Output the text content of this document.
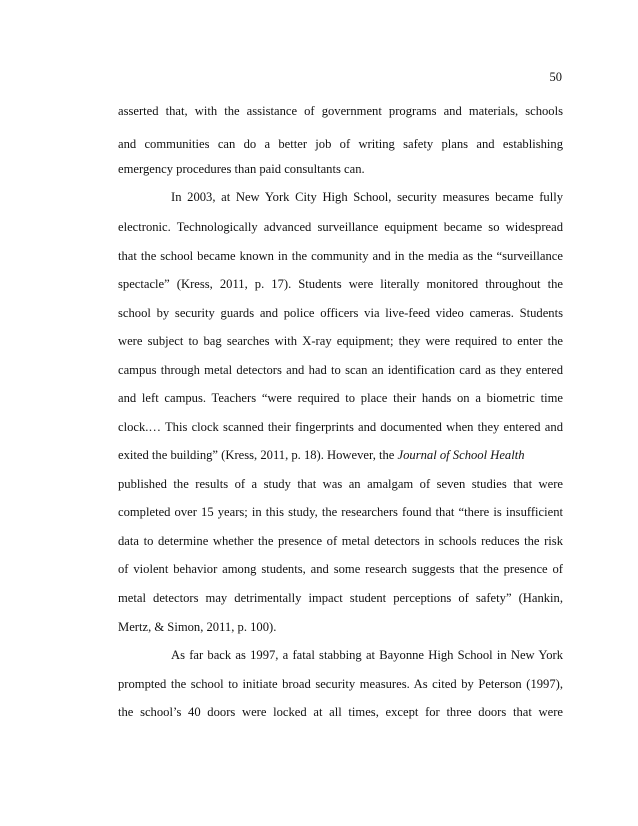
50
asserted that, with the assistance of government programs and materials, schools
and communities can do a better job of writing safety plans and establishing
emergency procedures than paid consultants can.
In 2003, at New York City High School, security measures became fully
electronic. Technologically advanced surveillance equipment became so widespread
that the school became known in the community and in the media as the “surveillance
spectacle” (Kress, 2011, p. 17). Students were literally monitored throughout the
school by security guards and police officers via live-feed video cameras. Students
were subject to bag searches with X-ray equipment; they were required to enter the
campus through metal detectors and had to scan an identification card as they entered
and left campus. Teachers “were required to place their hands on a biometric time
clock.… This clock scanned their fingerprints and documented when they entered and
exited the building” (Kress, 2011, p. 18). However, the Journal of School Health
published the results of a study that was an amalgam of seven studies that were
completed over 15 years; in this study, the researchers found that “there is insufficient
data to determine whether the presence of metal detectors in schools reduces the risk
of violent behavior among students, and some research suggests that the presence of
metal detectors may detrimentally impact student perceptions of safety” (Hankin,
Mertz, & Simon, 2011, p. 100).
As far back as 1997, a fatal stabbing at Bayonne High School in New York
prompted the school to initiate broad security measures. As cited by Peterson (1997),
the school’s 40 doors were locked at all times, except for three doors that were
